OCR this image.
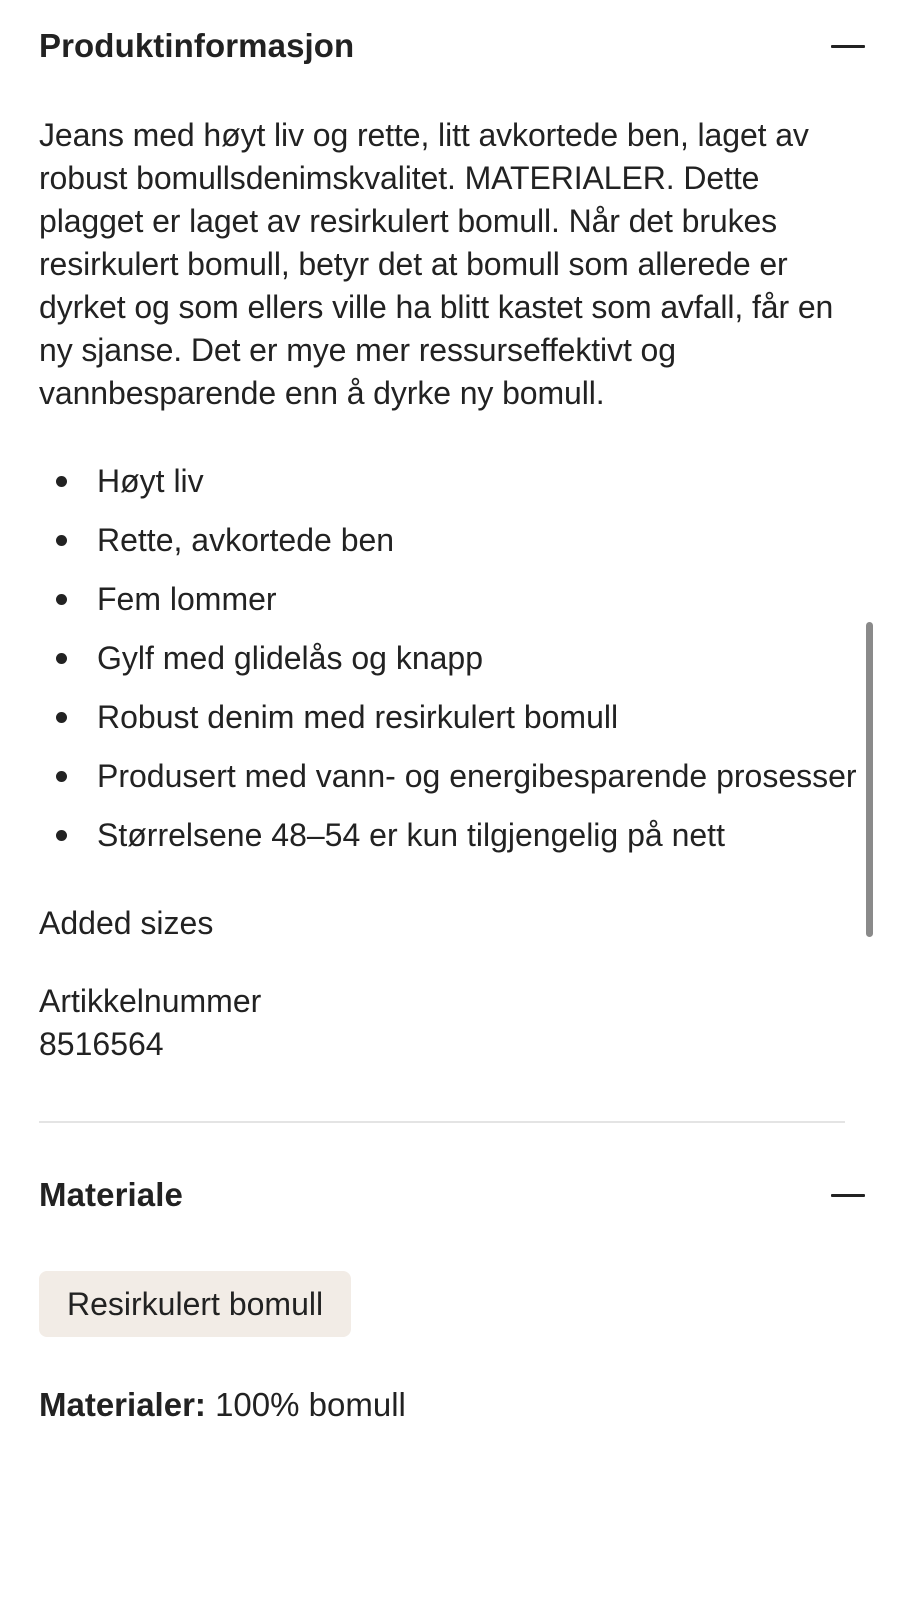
Produktinformasjon

Jeans med høyt liv og rette, litt avkortede ben, laget av robust bomullsdenimskvalitet. MATERIALER. Dette plagget er laget av resirkulert bomull. Når det brukes resirkulert bomull, betyr det at bomull som allerede er dyrket og som ellers ville ha blitt kastet som avfall, får en ny sjanse. Det er mye mer ressurseffektivt og vannbesparende enn å dyrke ny bomull.

Høyt liv
Rette, avkortede ben
Fem lommer
Gylf med glidelås og knapp
Robust denim med resirkulert bomull
Produsert med vann- og energibesparende prosesser
Størrelsene 48–54 er kun tilgjengelig på nett
Added sizes
Artikkelnummer
8516564
Materiale
Resirkulert bomull
Materialer: 100% bomull
